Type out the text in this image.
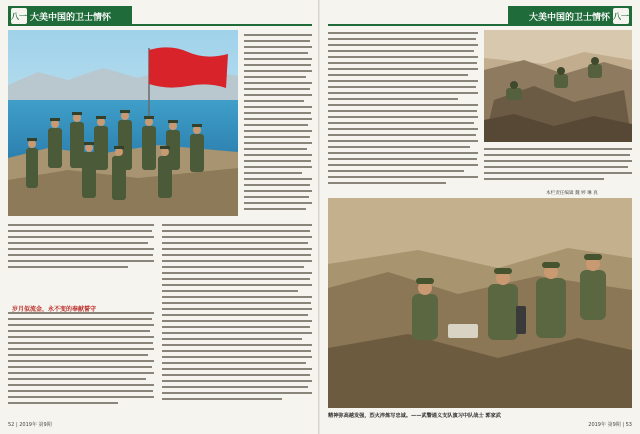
八一 大美中国的卫士情怀
岁月似流金，永不变的奉献誓守
52 | 2019年 第9期
大美中国的卫士情怀 八一
本栏责任编辑 魏 婷 琳 真
精神弥高越发强，烈火淬炼写忠诚。——武警通义支队演习中队战士 郭家武
2019年 第9期 | 53
